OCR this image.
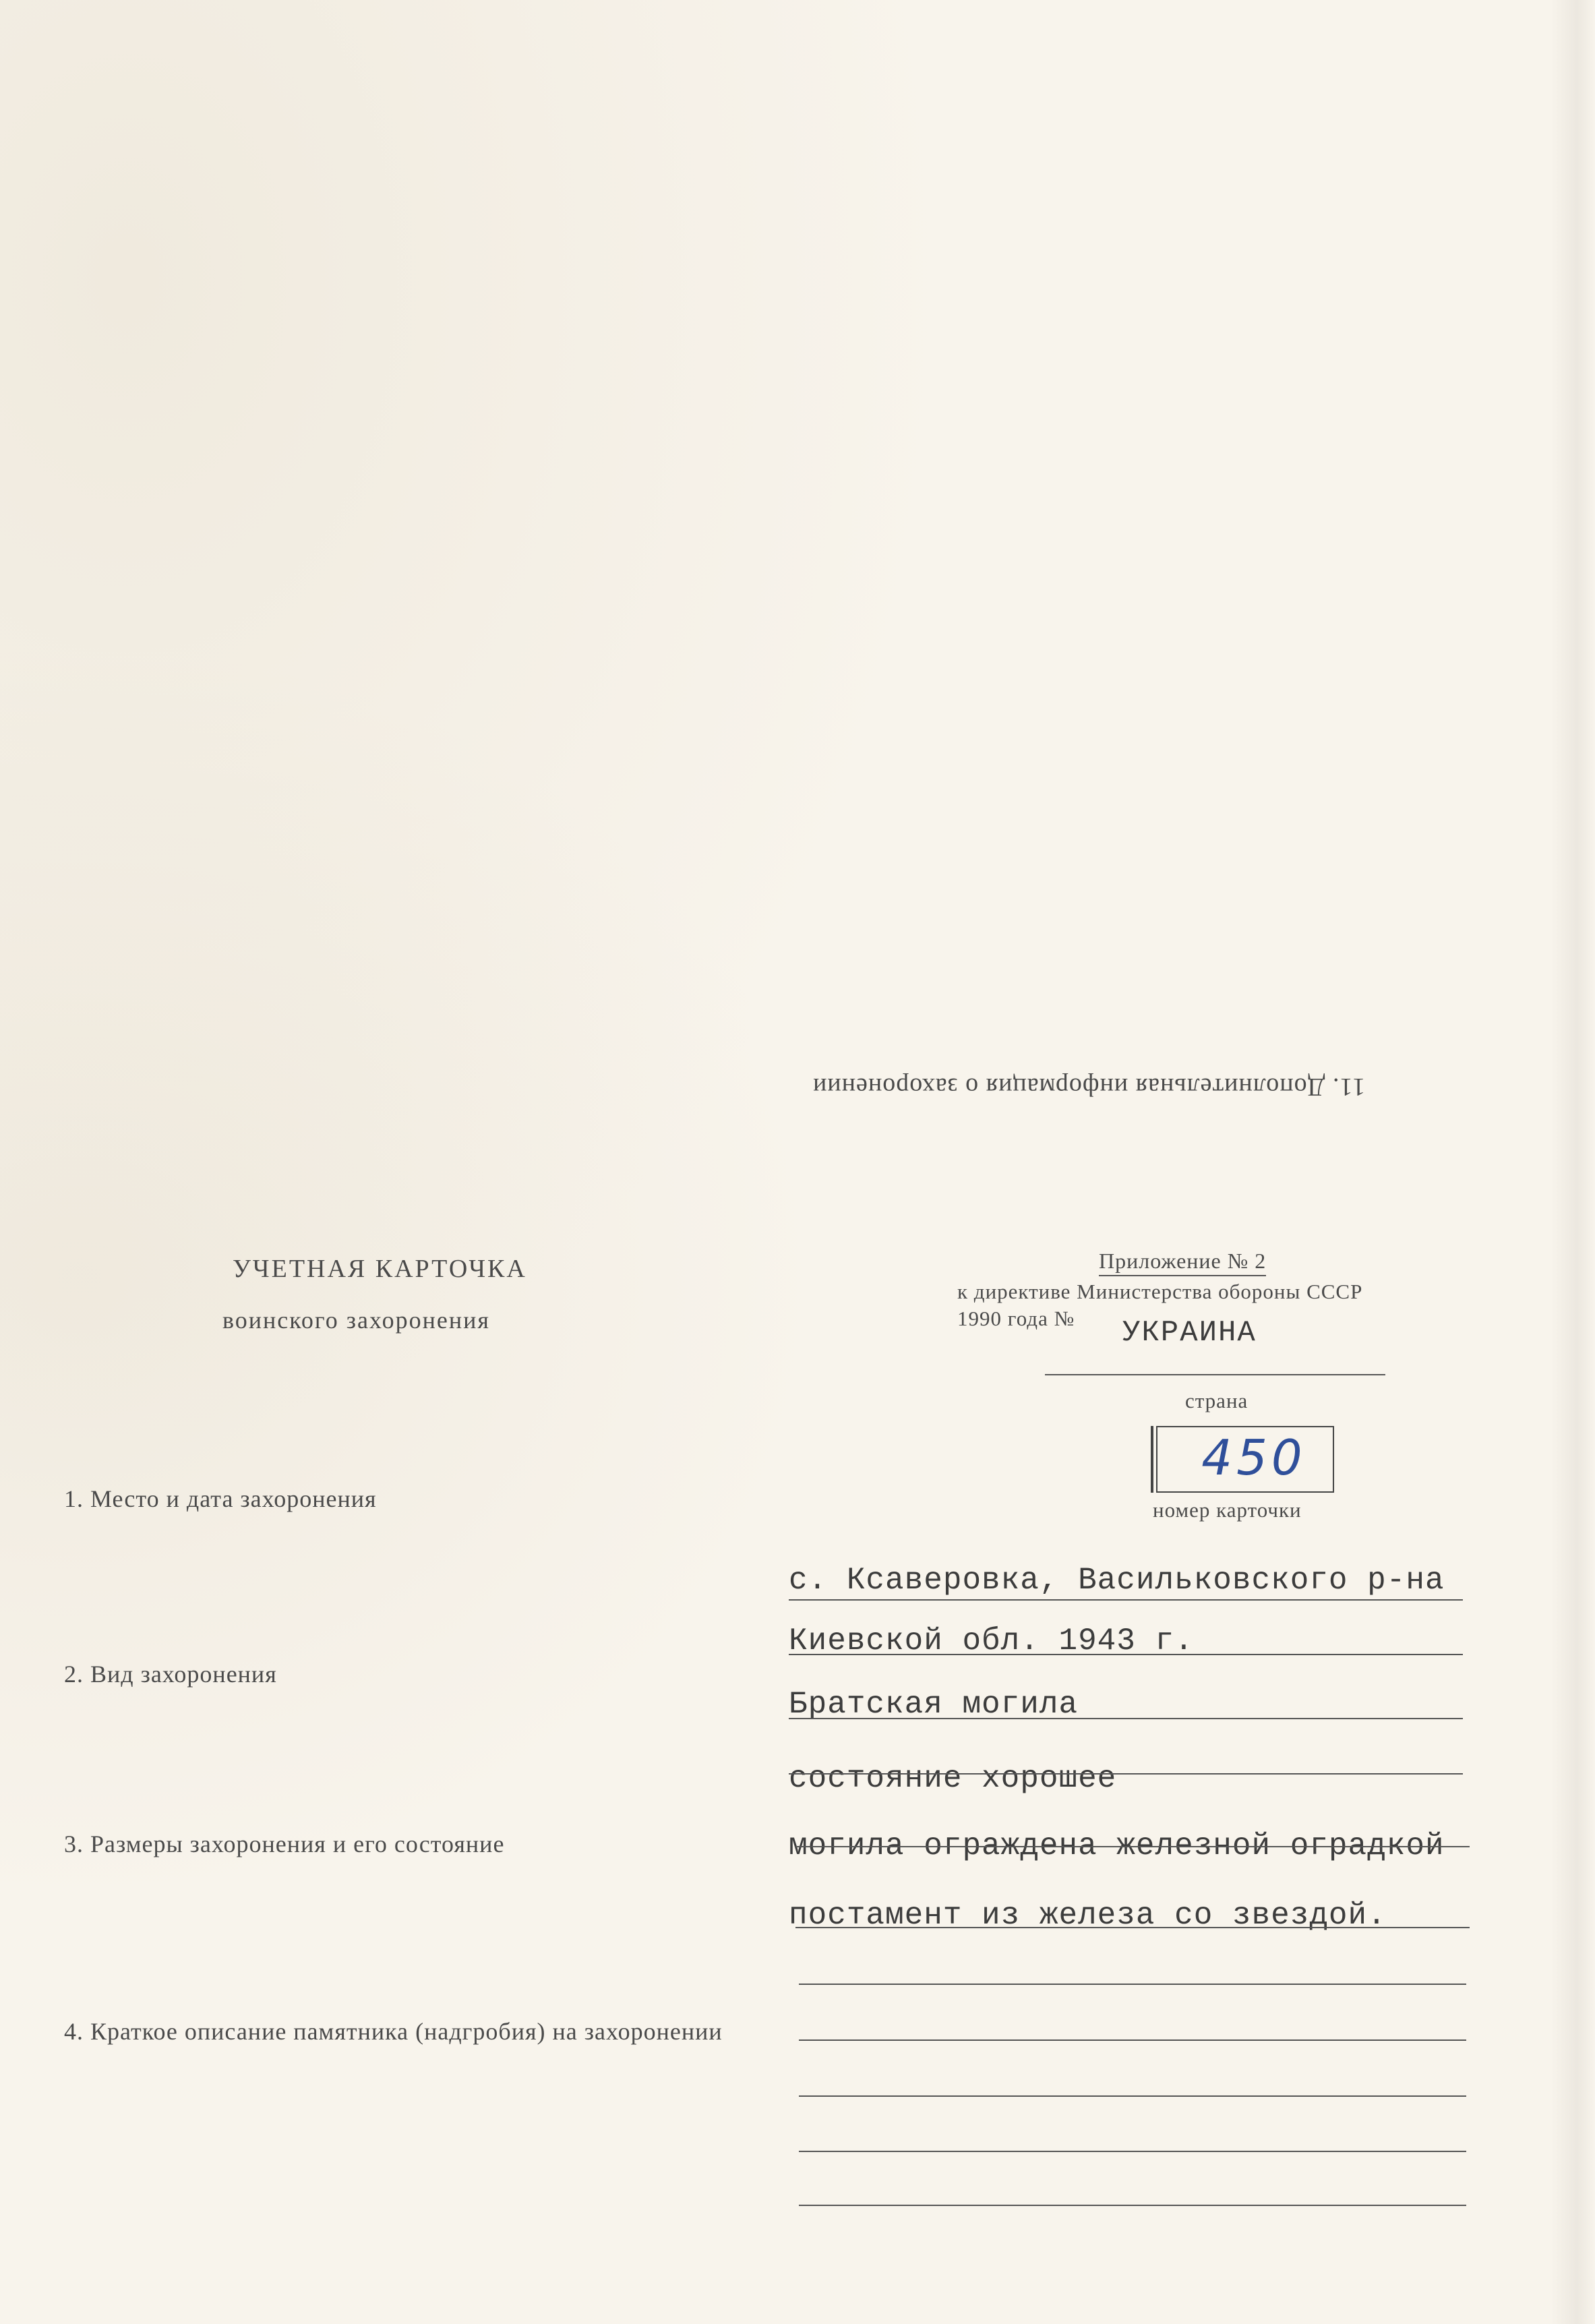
11. Дополнительная информация о захоронении
УЧЕТНАЯ КАРТОЧКА
воинского захоронения
Приложение № 2
к директиве Министерства обороны СССР
1990 года № УКРАИНА
страна
450
номер карточки
1. Место и дата захоронения
2. Вид захоронения
3. Размеры захоронения и его состояние
4. Краткое описание памятника (надгробия) на захоронении
с. Ксаверовка, Васильковского р-на
Киевской обл. 1943 г.
Братская могила
состояние хорошее
могила ограждена железной оградкой
постамент из железа со звездой.
